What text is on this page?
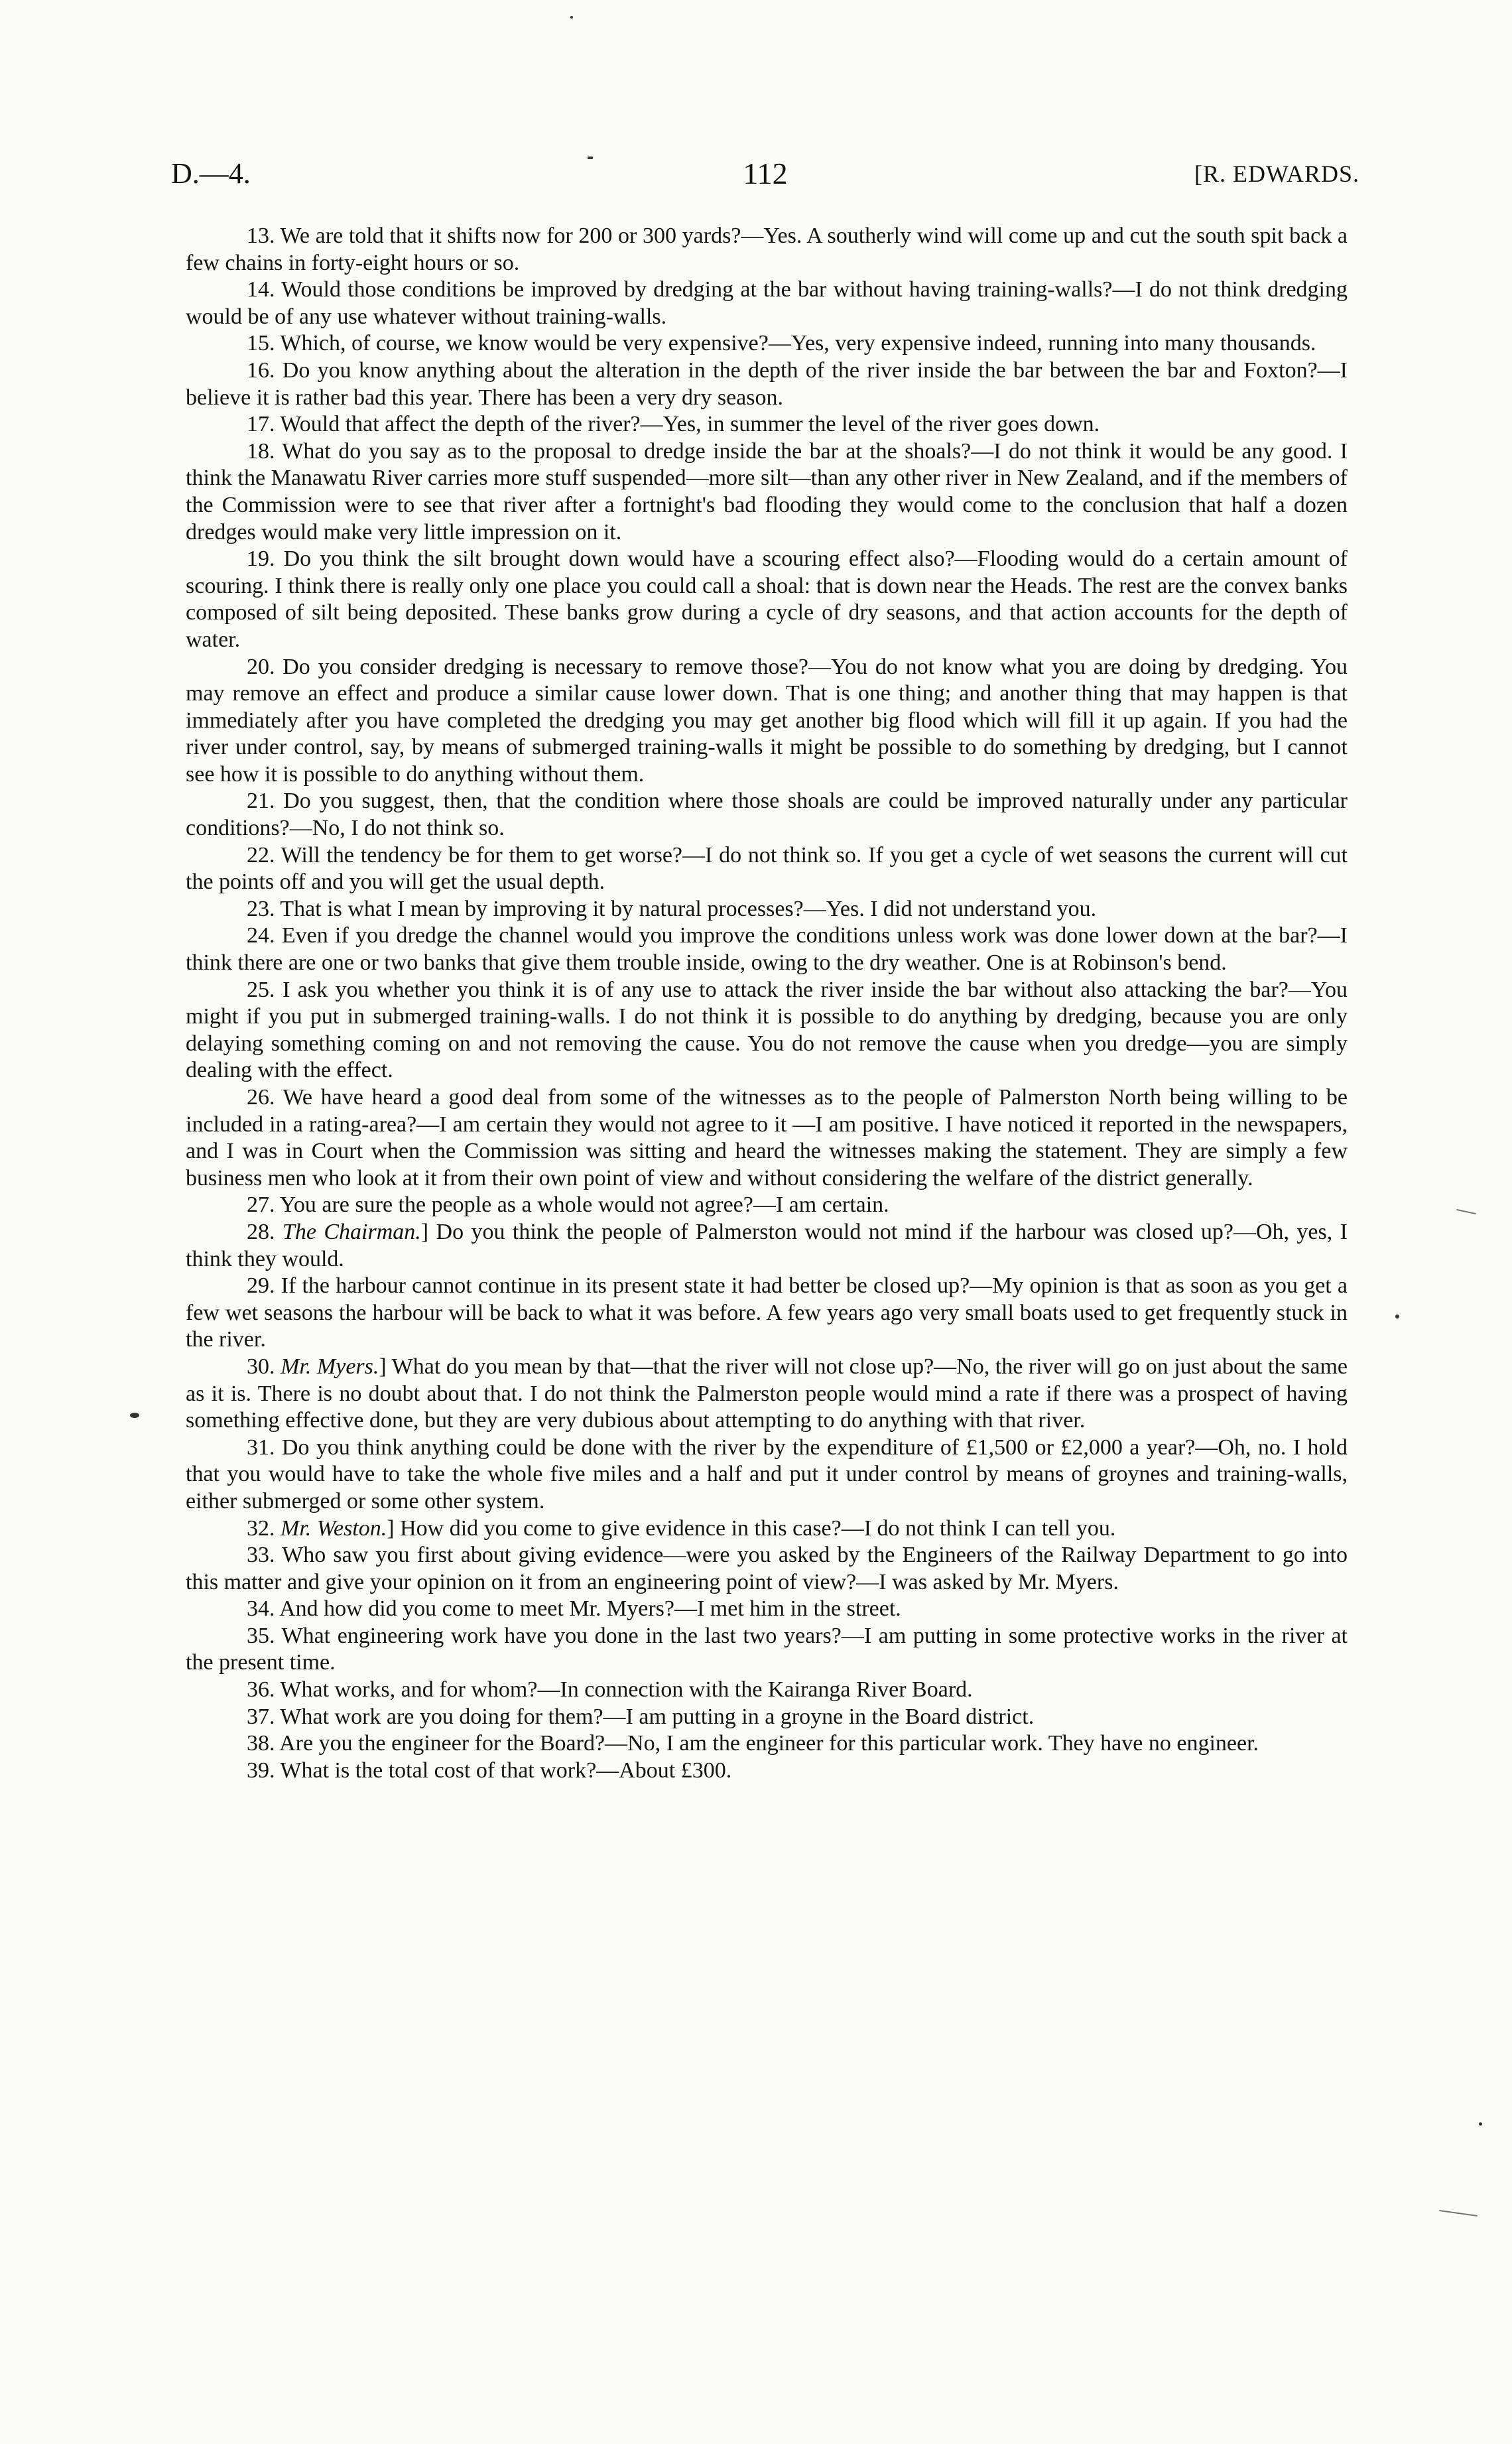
D.—4.	112	[R. EDWARDS.

13. We are told that it shifts now for 200 or 300 yards?—Yes. A southerly wind will come up and cut the south spit back a few chains in forty-eight hours or so.

14. Would those conditions be improved by dredging at the bar without having training-walls?—I do not think dredging would be of any use whatever without training-walls.

15. Which, of course, we know would be very expensive?—Yes, very expensive indeed, running into many thousands.

16. Do you know anything about the alteration in the depth of the river inside the bar between the bar and Foxton?—I believe it is rather bad this year. There has been a very dry season.

17. Would that affect the depth of the river?—Yes, in summer the level of the river goes down.

18. What do you say as to the proposal to dredge inside the bar at the shoals?—I do not think it would be any good. I think the Manawatu River carries more stuff suspended—more silt—than any other river in New Zealand, and if the members of the Commission were to see that river after a fortnight's bad flooding they would come to the conclusion that half a dozen dredges would make very little impression on it.

19. Do you think the silt brought down would have a scouring effect also?—Flooding would do a certain amount of scouring. I think there is really only one place you could call a shoal: that is down near the Heads. The rest are the convex banks composed of silt being deposited. These banks grow during a cycle of dry seasons, and that action accounts for the depth of water.

20. Do you consider dredging is necessary to remove those?—You do not know what you are doing by dredging. You may remove an effect and produce a similar cause lower down. That is one thing; and another thing that may happen is that immediately after you have completed the dredging you may get another big flood which will fill it up again. If you had the river under control, say, by means of submerged training-walls it might be possible to do something by dredging, but I cannot see how it is possible to do anything without them.

21. Do you suggest, then, that the condition where those shoals are could be improved naturally under any particular conditions?—No, I do not think so.

22. Will the tendency be for them to get worse?—I do not think so. If you get a cycle of wet seasons the current will cut the points off and you will get the usual depth.

23. That is what I mean by improving it by natural processes?—Yes. I did not understand you.

24. Even if you dredge the channel would you improve the conditions unless work was done lower down at the bar?—I think there are one or two banks that give them trouble inside, owing to the dry weather. One is at Robinson's bend.

25. I ask you whether you think it is of any use to attack the river inside the bar without also attacking the bar?—You might if you put in submerged training-walls. I do not think it is possible to do anything by dredging, because you are only delaying something coming on and not removing the cause. You do not remove the cause when you dredge—you are simply dealing with the effect.

26. We have heard a good deal from some of the witnesses as to the people of Palmerston North being willing to be included in a rating-area?—I am certain they would not agree to it —I am positive. I have noticed it reported in the newspapers, and I was in Court when the Commission was sitting and heard the witnesses making the statement. They are simply a few business men who look at it from their own point of view and without considering the welfare of the district generally.

27. You are sure the people as a whole would not agree?—I am certain.

28. The Chairman.] Do you think the people of Palmerston would not mind if the harbour was closed up?—Oh, yes, I think they would.

29. If the harbour cannot continue in its present state it had better be closed up?—My opinion is that as soon as you get a few wet seasons the harbour will be back to what it was before. A few years ago very small boats used to get frequently stuck in the river.

30. Mr. Myers.] What do you mean by that—that the river will not close up?—No, the river will go on just about the same as it is. There is no doubt about that. I do not think the Palmerston people would mind a rate if there was a prospect of having something effective done, but they are very dubious about attempting to do anything with that river.

31. Do you think anything could be done with the river by the expenditure of £1,500 or £2,000 a year?—Oh, no. I hold that you would have to take the whole five miles and a half and put it under control by means of groynes and training-walls, either submerged or some other system.

32. Mr. Weston.] How did you come to give evidence in this case?—I do not think I can tell you.

33. Who saw you first about giving evidence—were you asked by the Engineers of the Railway Department to go into this matter and give your opinion on it from an engineering point of view?—I was asked by Mr. Myers.

34. And how did you come to meet Mr. Myers?—I met him in the street.

35. What engineering work have you done in the last two years?—I am putting in some protective works in the river at the present time.

36. What works, and for whom?—In connection with the Kairanga River Board.

37. What work are you doing for them?—I am putting in a groyne in the Board district.

38. Are you the engineer for the Board?—No, I am the engineer for this particular work. They have no engineer.

39. What is the total cost of that work?—About £300.
